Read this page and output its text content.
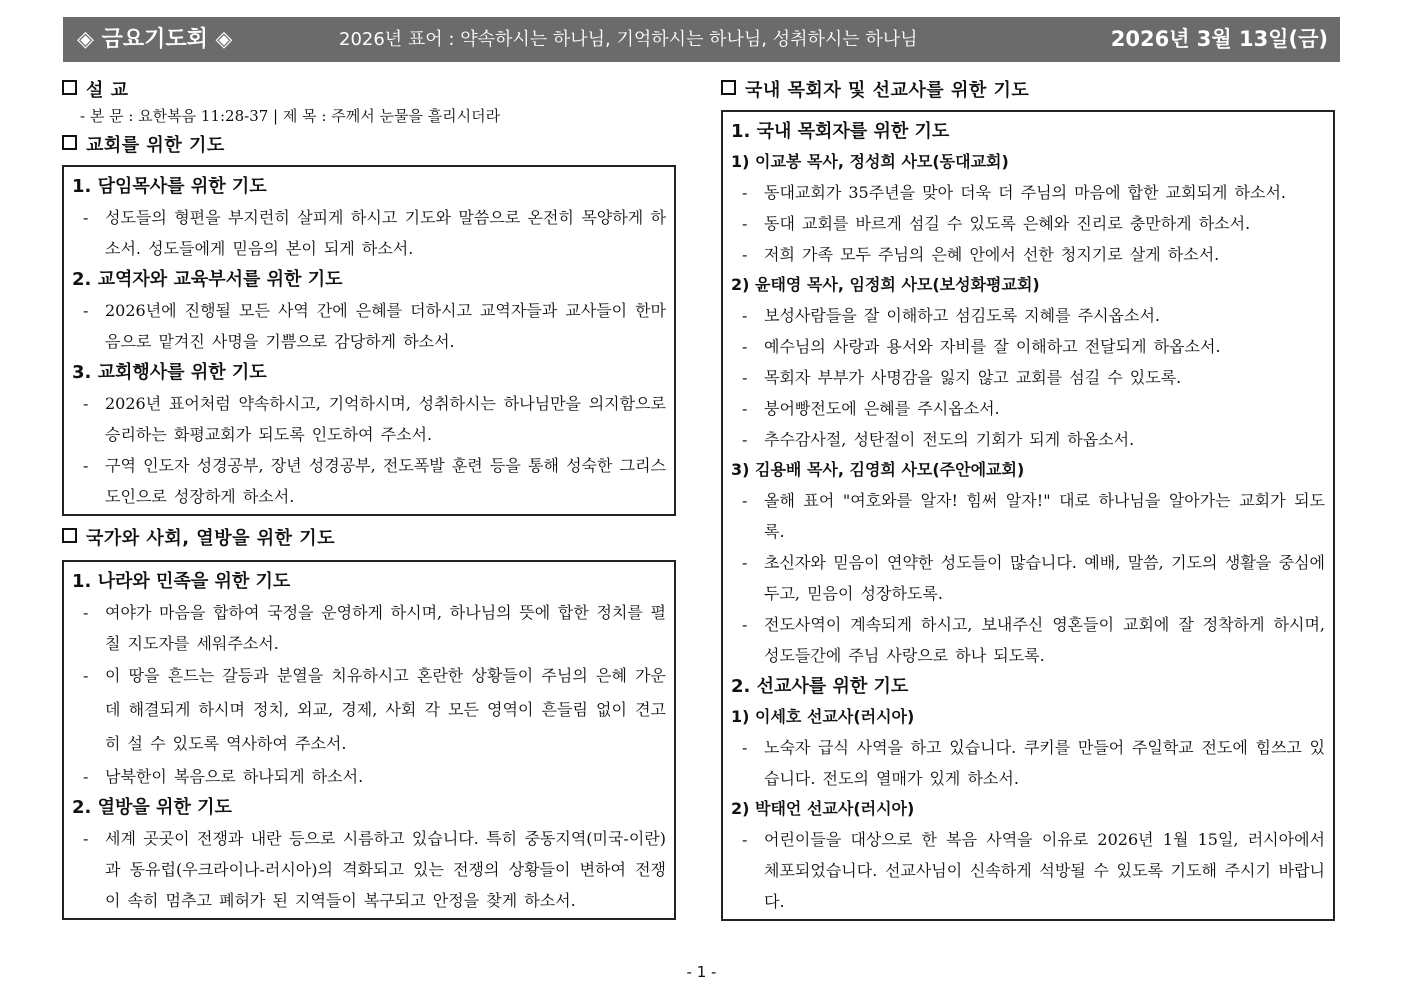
◈ 금요기도회 ◈	2026년 표어 : 약속하시는 하나님, 기억하시는 하나님, 성취하시는 하나님	2026년 3월 13일(금)
설 교
- 본 문 : 요한복음 11:28-37 | 제 목 : 주께서 눈물을 흘리시더라
교회를 위한 기도
1. 담임목사를 위한 기도

- 성도들의 형편을 부지런히 살피게 하시고 기도와 말씀으로 온전히 목양하게 하소서. 성도들에게 믿음의 본이 되게 하소서.

2. 교역자와 교육부서를 위한 기도

- 2026년에 진행될 모든 사역 간에 은혜를 더하시고 교역자들과 교사들이 한마음으로 맡겨진 사명을 기쁨으로 감당하게 하소서.

3. 교회행사를 위한 기도

- 2026년 표어처럼 약속하시고, 기억하시며, 성취하시는 하나님만을 의지함으로 승리하는 화평교회가 되도록 인도하여 주소서.

- 구역 인도자 성경공부, 장년 성경공부, 전도폭발 훈련 등을 통해 성숙한 그리스도인으로 성장하게 하소서.

국가와 사회, 열방을 위한 기도
1. 나라와 민족을 위한 기도

- 여야가 마음을 합하여 국정을 운영하게 하시며, 하나님의 뜻에 합한 정치를 펼칠 지도자를 세워주소서.

- 이 땅을 흔드는 갈등과 분열을 치유하시고 혼란한 상황들이 주님의 은혜 가운데 해결되게 하시며 정치, 외교, 경제, 사회 각 모든 영역이 흔들림 없이 견고히 설 수 있도록 역사하여 주소서.

- 남북한이 복음으로 하나되게 하소서.

2. 열방을 위한 기도

- 세계 곳곳이 전쟁과 내란 등으로 시름하고 있습니다. 특히 중동지역(미국-이란)과 동유럽(우크라이나-러시아)의 격화되고 있는 전쟁의 상황들이 변하여 전쟁이 속히 멈추고 폐허가 된 지역들이 복구되고 안정을 찾게 하소서.

국내 목회자 및 선교사를 위한 기도
1. 국내 목회자를 위한 기도
1) 이교봉 목사, 정성희 사모(동대교회)

- 동대교회가 35주년을 맞아 더욱 더 주님의 마음에 합한 교회되게 하소서.

- 동대 교회를 바르게 섬길 수 있도록 은혜와 진리로 충만하게 하소서.

- 저희 가족 모두 주님의 은혜 안에서 선한 청지기로 살게 하소서.

2) 윤태영 목사, 임정희 사모(보성화평교회)

- 보성사람들을 잘 이해하고 섬김도록 지혜를 주시옵소서.

- 예수님의 사랑과 용서와 자비를 잘 이해하고 전달되게 하옵소서.

- 목회자 부부가 사명감을 잃지 않고 교회를 섬길 수 있도록.

- 붕어빵전도에 은혜를 주시옵소서.

- 추수감사절, 성탄절이 전도의 기회가 되게 하옵소서.

3) 김용배 목사, 김영희 사모(주안에교회)

- 올해 표어 "여호와를 알자! 힘써 알자!" 대로 하나님을 알아가는 교회가 되도록.

- 초신자와 믿음이 연약한 성도들이 많습니다. 예배, 말씀, 기도의 생활을 중심에 두고, 믿음이 성장하도록.

- 전도사역이 계속되게 하시고, 보내주신 영혼들이 교회에 잘 정착하게 하시며, 성도들간에 주님 사랑으로 하나 되도록.

2. 선교사를 위한 기도
1) 이세호 선교사(러시아)

- 노숙자 급식 사역을 하고 있습니다. 쿠키를 만들어 주일학교 전도에 힘쓰고 있습니다. 전도의 열매가 있게 하소서.

2) 박태언 선교사(러시아)

- 어린이들을 대상으로 한 복음 사역을 이유로 2026년 1월 15일, 러시아에서 체포되었습니다. 선교사님이 신속하게 석방될 수 있도록 기도해 주시기 바랍니다.

- 1 -
